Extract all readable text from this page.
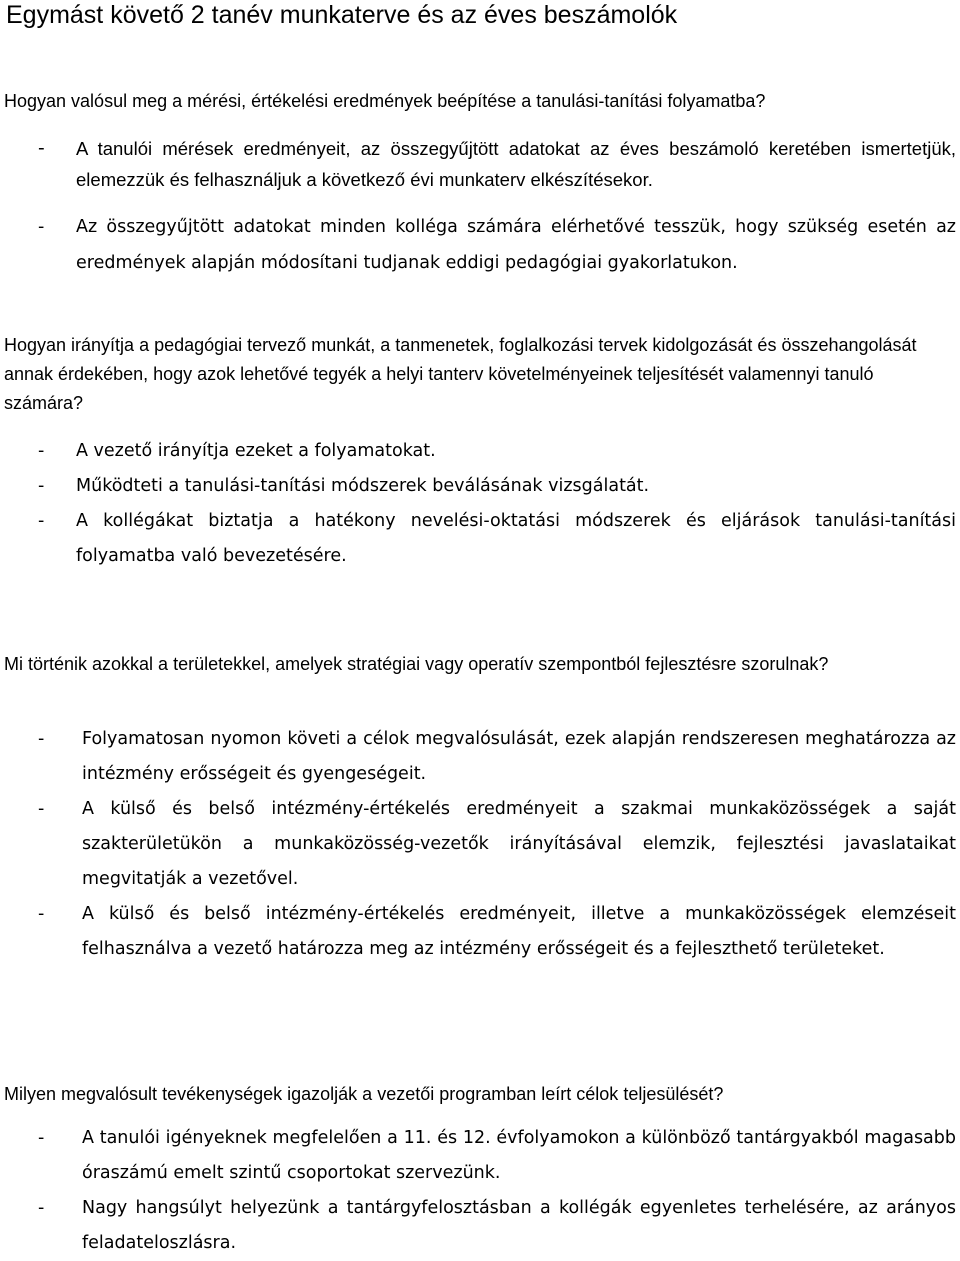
Egymást követő 2 tanév munkaterve és az éves beszámolók

Hogyan valósul meg a mérési, értékelési eredmények beépítése a tanulási-tanítási folyamatba?

- A tanulói mérések eredményeit, az összegyűjtött adatokat az éves beszámoló keretében ismertetjük, elemezzük és felhasználjuk a következő évi munkaterv elkészítésekor.
- Az összegyűjtött adatokat minden kolléga számára elérhetővé tesszük, hogy szükség esetén az eredmények alapján módosítani tudjanak eddigi pedagógiai gyakorlatukon.

Hogyan irányítja a pedagógiai tervező munkát, a tanmenetek, foglalkozási tervek kidolgozását és összehangolását annak érdekében, hogy azok lehetővé tegyék a helyi tanterv követelményeinek teljesítését valamennyi tanuló számára?

- A vezető irányítja ezeket a folyamatokat.
- Működteti a tanulási-tanítási módszerek beválásának vizsgálatát.
- A kollégákat biztatja a hatékony nevelési-oktatási módszerek és eljárások tanulási-tanítási folyamatba való bevezetésére.

Mi történik azokkal a területekkel, amelyek stratégiai vagy operatív szempontból fejlesztésre szorulnak?

- Folyamatosan nyomon követi a célok megvalósulását, ezek alapján rendszeresen meghatározza az intézmény erősségeit és gyengeségeit.
- A külső és belső intézmény-értékelés eredményeit a szakmai munkaközösségek a saját szakterületükön a munkaközösség-vezetők irányításával elemzik, fejlesztési javaslataikat megvitatják a vezetővel.
- A külső és belső intézmény-értékelés eredményeit, illetve a munkaközösségek elemzéseit felhasználva a vezető határozza meg az intézmény erősségeit és a fejleszthető területeket.

Milyen megvalósult tevékenységek igazolják a vezetői programban leírt célok teljesülését?

- A tanulói igényeknek megfelelően a 11. és 12. évfolyamokon a különböző tantárgyakból magasabb óraszámú emelt szintű csoportokat szervezünk.
- Nagy hangsúlyt helyezünk a tantárgyfelosztásban a kollégák egyenletes terhelésére, az arányos feladateloszlásra.
